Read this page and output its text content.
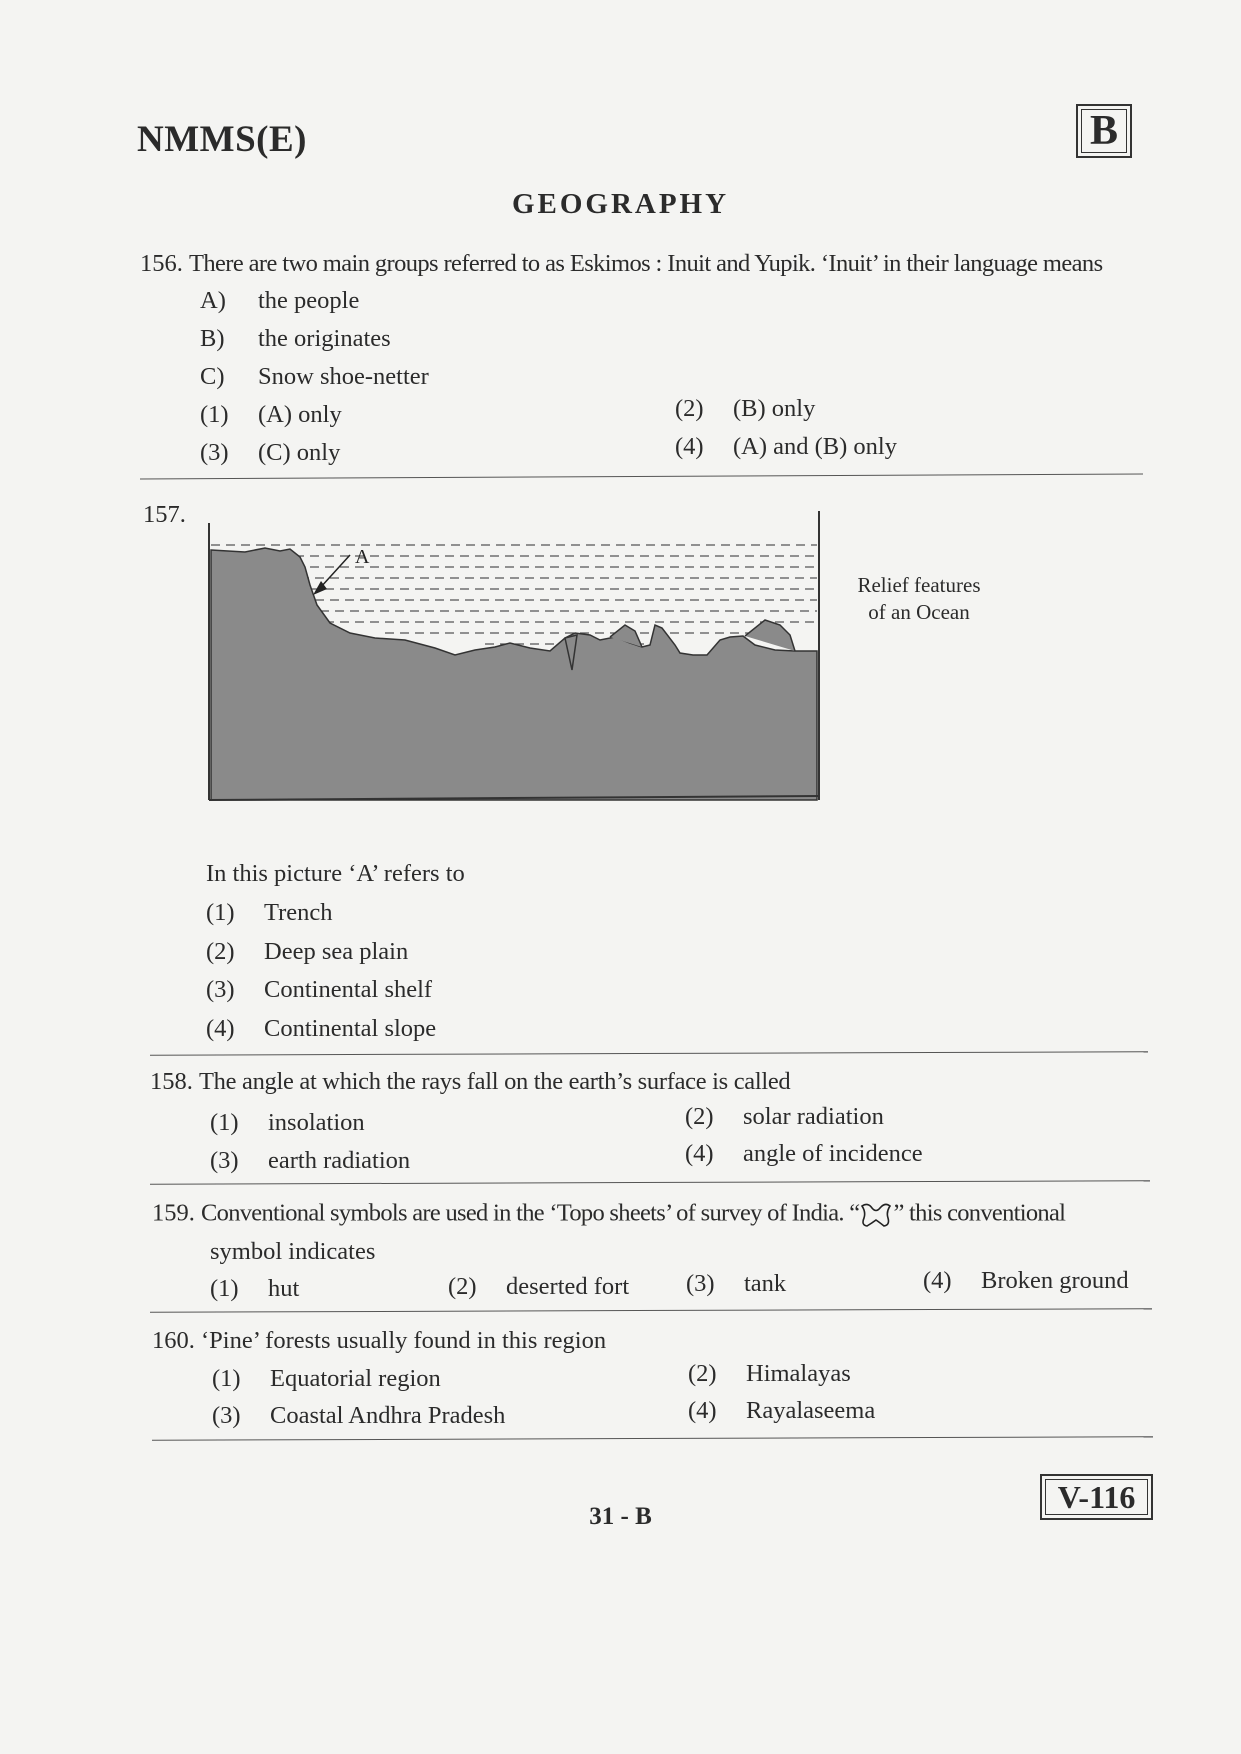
NMMS(E)	B
GEOGRAPHY
156. There are two main groups referred to as Eskimos : Inuit and Yupik. ‘Inuit’ in their language means
A) the people
B) the originates
C) Snow shoe-netter
(1) (A) only	(2) (B) only
(3) (C) only	(4) (A) and (B) only
157.
A
Relief features
of an Ocean
In this picture ‘A’ refers to
(1) Trench
(2) Deep sea plain
(3) Continental shelf
(4) Continental slope
158. The angle at which the rays fall on the earth’s surface is called
(1) insolation	(2) solar radiation
(3) earth radiation	(4) angle of incidence
159. Conventional symbols are used in the ‘Topo sheets’ of survey of India. “ ” this conventional
symbol indicates
(1) hut	(2) deserted fort (3) tank	(4) Broken ground
160. ‘Pine’ forests usually found in this region
(1) Equatorial region	(2) Himalayas
(3) Coastal Andhra Pradesh	(4) Rayalaseema
31 - B
V-116
